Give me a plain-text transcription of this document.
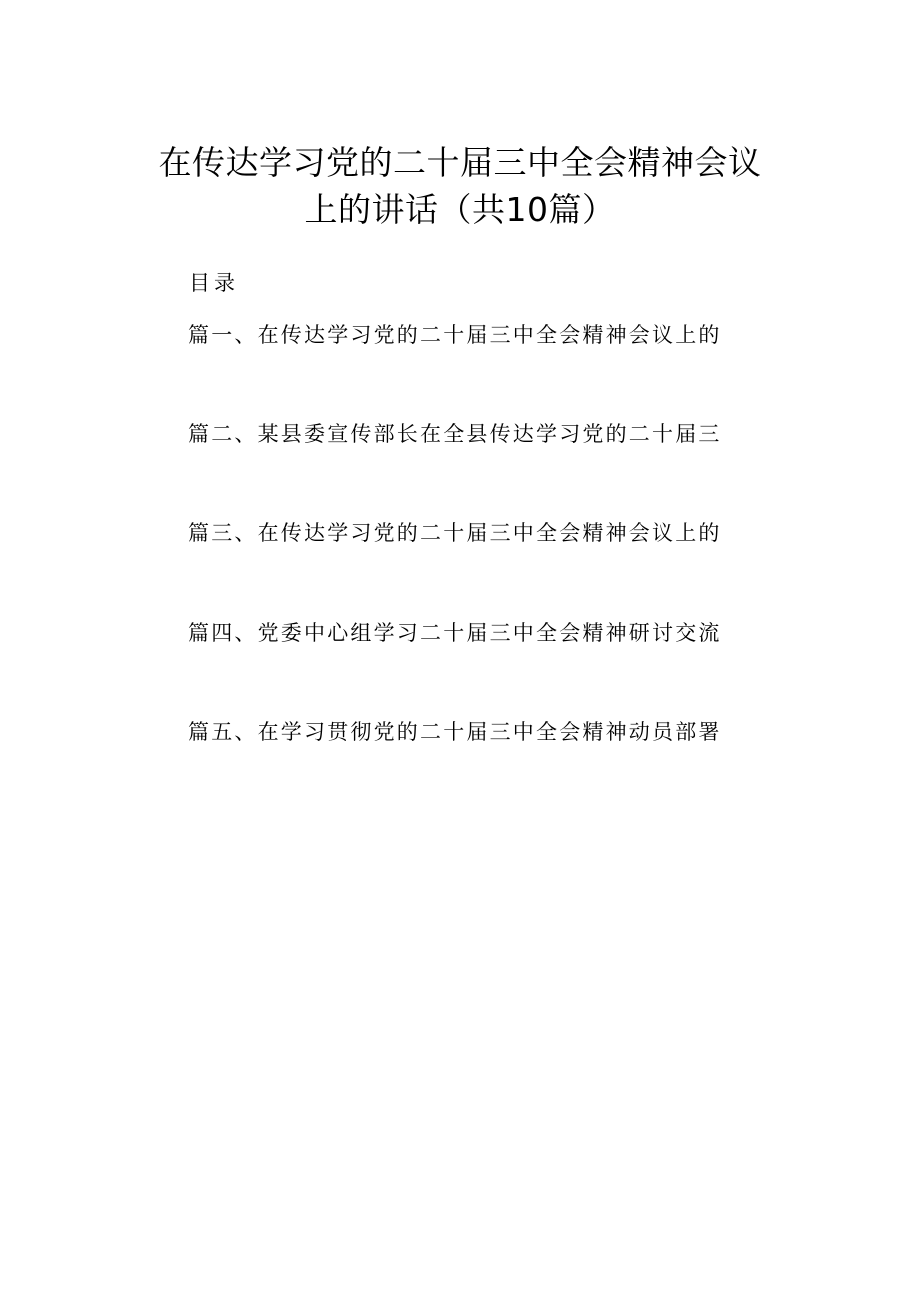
在传达学习党的二十届三中全会精神会议
上的讲话（共10篇）
目录
篇一、在传达学习党的二十届三中全会精神会议上的
篇二、某县委宣传部长在全县传达学习党的二十届三
篇三、在传达学习党的二十届三中全会精神会议上的
篇四、党委中心组学习二十届三中全会精神研讨交流
篇五、在学习贯彻党的二十届三中全会精神动员部署
